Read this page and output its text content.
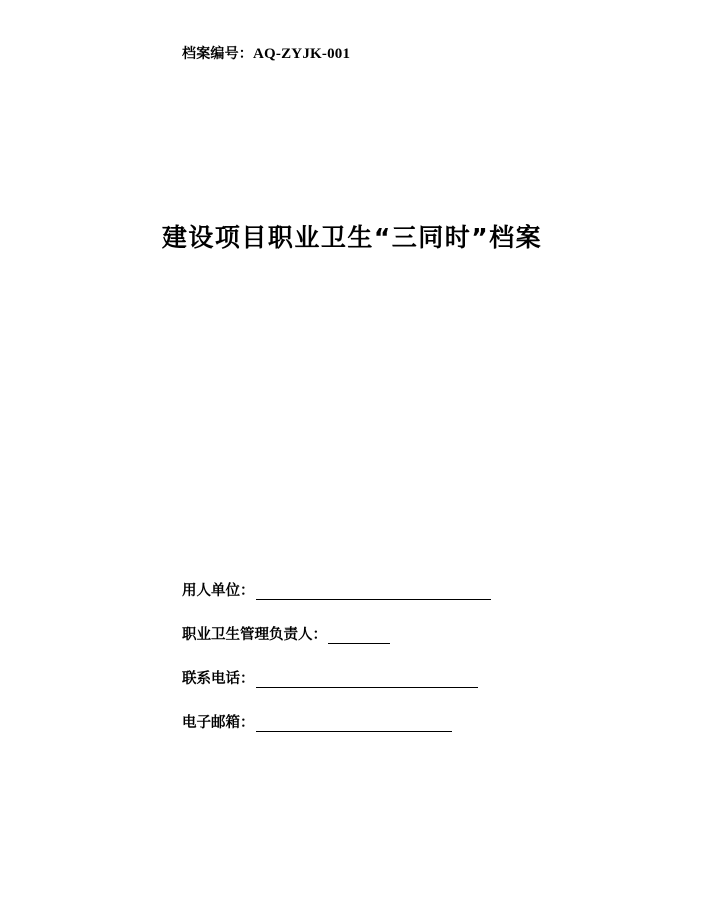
档案编号：AQ-ZYJK-001
建设项目职业卫生“三同时”档案
用人单位：
职业卫生管理负责人：
联系电话：
电子邮箱：
